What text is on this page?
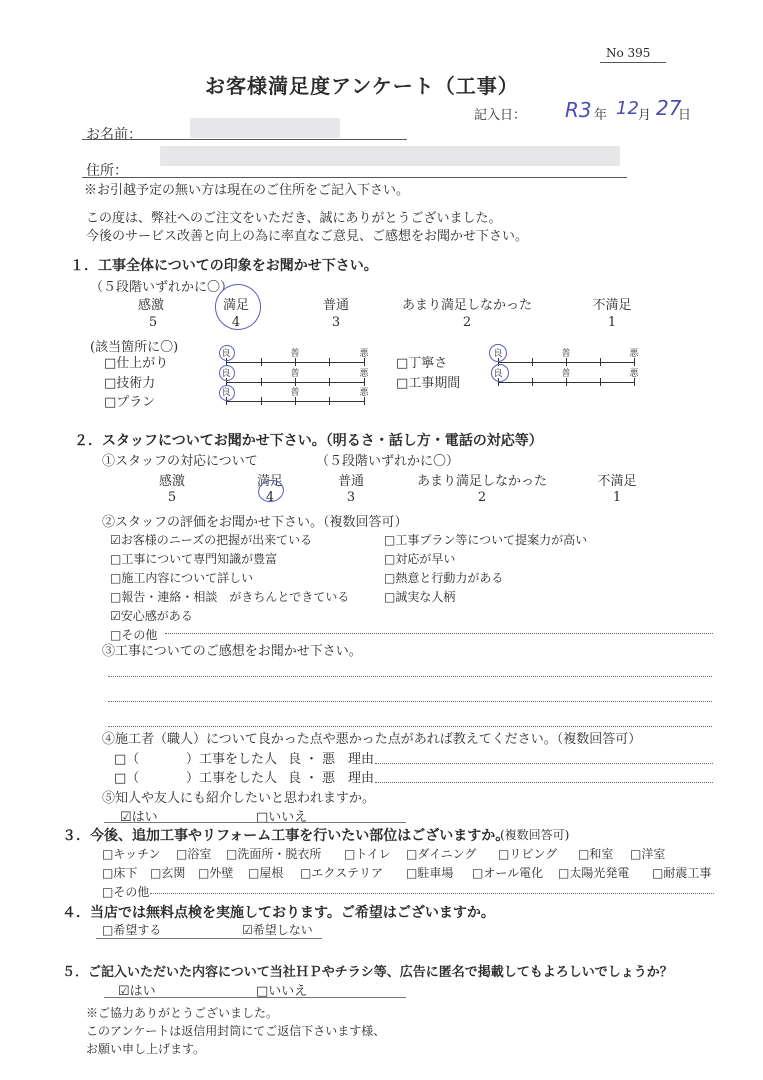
No 395
お客様満足度アンケート（工事）
記入日： R3 年 12 月 27
日
お名前：
住所：
※お引越予定の無い方は現在のご住所をご記入下さい。
この度は、弊社へのご注文をいただき、誠にありがとうございました。
今後のサービス改善と向上の為に率直なご意見、ご感想をお聞かせ下さい。
１．工事全体についての印象をお聞かせ下さい。
（５段階いずれかに〇）
感激	満足	普通	あまり満足しなかった	不満足
5	4	3	2	1
(該当箇所に〇)
□仕上がり
□技術力
□プラン
□丁寧さ
□工事期間
良	普	悪
良	普	悪
良	普	悪
良	普	悪
良	普	悪
２．スタッフについてお聞かせ下さい。（明るさ・話し方・電話の対応等）
①スタッフの対応について	（５段階いずれかに〇）
感激	満足	普通	あまり満足しなかった	不満足
5	4	3	2	1
②スタッフの評価をお聞かせ下さい。（複数回答可）
☑お客様のニーズの把握が出来ている
□工事について専門知識が豊富
□施工内容について詳しい
□報告・連絡・相談　がきちんとできている
☑安心感がある
□その他
□工事プラン等について提案力が高い
□対応が早い
□熱意と行動力がある
□誠実な人柄
③工事についてのご感想をお聞かせ下さい。
④施工者（職人）について良かった点や悪かった点があれば教えてください。（複数回答可）
□（	）工事をした人 良・悪 理由
□（	）工事をした人 良・悪 理由
⑤知人や友人にも紹介したいと思われますか。
☑はい	□いいえ
３．今後、追加工事やリフォーム工事を行いたい部位はございますか。
(複数回答可)
□キッチン □浴室 □洗面所・脱衣所 □トイレ □ダイニング □リビング □和室 □洋室
□床下 □玄関 □外壁 □屋根 □エクステリア □駐車場 □オール電化 □太陽光発電 □耐震工事
□その他
４．当店では無料点検を実施しております。ご希望はございますか。
□希望する	☑希望しない
５．ご記入いただいた内容について当社ＨＰやチラシ等、広告に匿名で掲載してもよろしいでしょうか？
☑はい	□いいえ
※ご協力ありがとうございました。
このアンケートは返信用封筒にてご返信下さいます様、
お願い申し上げます。
